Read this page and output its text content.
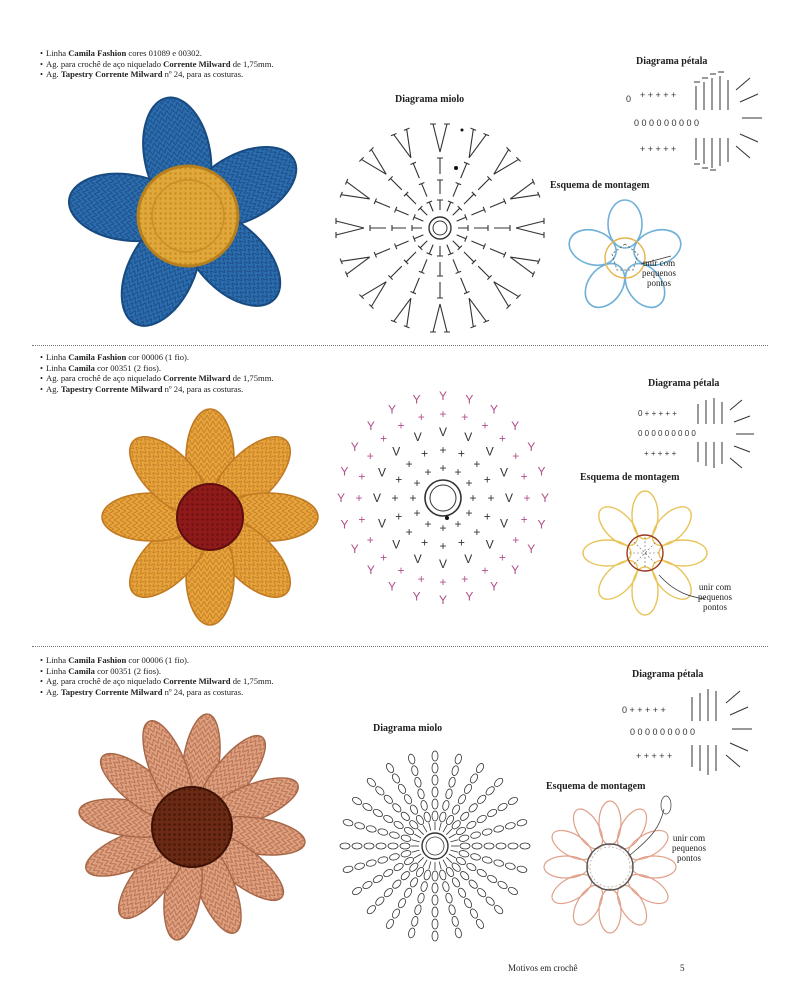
• Linha Camila Fashion cores 01089 e 00302.
• Ag. para crochê de aço niquelado Corrente Milward de 1,75mm.
• Ag. Tapestry Corrente Milward nº 24, para as costuras.
Diagrama miolo
Diagrama pétala
0 + + + + +
0 0 0 0 0 0 0 0 0
+ + + + +
Esquema de montagem
unir com
pequenos
pontos
• Linha Camila Fashion cor 00006 (1 fio).
• Linha Camila cor 00351 (2 fios).
• Ag. para crochê de aço niquelado Corrente Milward de 1,75mm.
• Ag. Tapestry Corrente Milward nº 24, para as costuras.
+ +
+
+
+
+
+
+
+
+
+
+
+ +
+
+
+
+
+
+
+
+
+
+
+
+
+
+
V V
V
V
V
V
V
V
V
V
V
V
V
V
V
V
+ +
+
+
+
+
+
+
+
+
+
+
+
+
+
+
+
+
+
+
+
+
+
+
Y Y
Y
Y
Y
Y
Y
Y
Y
Y
Y
Y
Y
Y
Y
Y
Y
Y
Y
Y
Y
Y
Y
Y
Diagrama pétala
0 + + + + +
0 0 0 0 0 0 0 0 0
+ + + + +
Esquema de montagem
unir com
pequenos
pontos
• Linha Camila Fashion cor 00006 (1 fio).
• Linha Camila cor 00351 (2 fios).
• Ag. para crochê de aço niquelado Corrente Milward de 1,75mm.
• Ag. Tapestry Corrente Milward nº 24, para as costuras.
Diagrama miolo
Diagrama pétala
0 + + + + +
0 0 0 0 0 0 0 0 0
+ + + + +
Esquema de montagem
unir com
pequenos
pontos
Motivos em crochê	5
